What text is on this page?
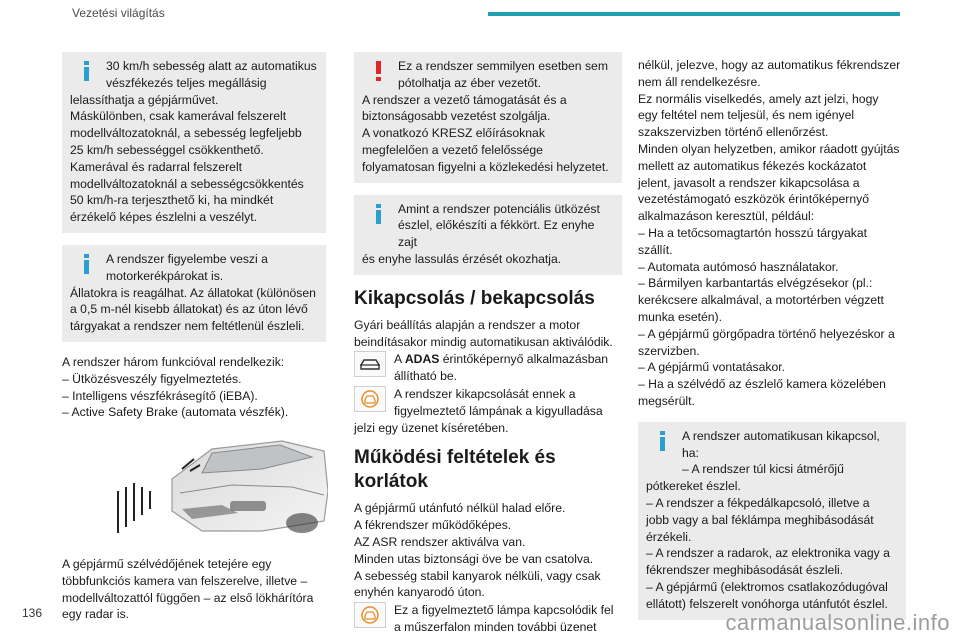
Vezetési világítás

30 km/h sebesség alatt az automatikus

vészfékezés teljes megállásig

lelassíthatja a gépjárművet.

Máskülönben, csak kamerával felszerelt

modellváltozatoknál, a sebesség legfeljebb

25 km/h sebességgel csökkenthető.

Kamerával és radarral felszerelt

modellváltozatoknál a sebességcsökkentés

50 km/h-ra terjeszthető ki, ha mindkét

érzékelő képes észlelni a veszélyt.

A rendszer figyelembe veszi a

motorkerékpárokat is.

Állatokra is reagálhat. Az állatokat (különösen

a 0,5 m-nél kisebb állatokat) és az úton lévő

tárgyakat a rendszer nem feltétlenül észleli.

A rendszer három funkcióval rendelkezik:

– Ütközésveszély figyelmeztetés.

– Intelligens vészfékrásegítő (iEBA).

– Active Safety Brake (automata vészfék).

A gépjármű szélvédőjének tetejére egy

többfunkciós kamera van felszerelve, illetve –

modellváltozattól függően – az első lökhárítóra

egy radar is.

Ez a rendszer semmilyen esetben sem

pótolhatja az éber vezetőt.

A rendszer a vezető támogatását és a

biztonságosabb vezetést szolgálja.

A vonatkozó KRESZ előírásoknak

megfelelően a vezető felelőssége

folyamatosan figyelni a közlekedési helyzetet.

Amint a rendszer potenciális ütközést

észlel, előkészíti a fékkört. Ez enyhe zajt

és enyhe lassulás érzését okozhatja.

Kikapcsolás / bekapcsolás

Gyári beállítás alapján a rendszer a motor

beindításakor mindig automatikusan aktiválódik.

A ADAS érintőképernyő alkalmazásban

állítható be.

A rendszer kikapcsolását ennek a

figyelmeztető lámpának a kigyulladása

jelzi egy üzenet kíséretében.

Működési feltételek és
korlátok

A gépjármű utánfutó nélkül halad előre.

A fékrendszer működőképes.

AZ ASR rendszer aktiválva van.

Minden utas biztonsági öve be van csatolva.

A sebesség stabil kanyarok nélküli, vagy csak

enyhén kanyarodó úton.

Ez a figyelmeztető lámpa kapcsolódik fel

a műszerfalon minden további üzenet

nélkül, jelezve, hogy az automatikus fékrendszer

nem áll rendelkezésre.

Ez normális viselkedés, amely azt jelzi, hogy

egy feltétel nem teljesül, és nem igényel

szakszervizben történő ellenőrzést.

Minden olyan helyzetben, amikor ráadott gyújtás

mellett az automatikus fékezés kockázatot

jelent, javasolt a rendszer kikapcsolása a

vezetéstámogató eszközök érintőképernyő

alkalmazáson keresztül, például:

– Ha a tetőcsomagtartón hosszú tárgyakat

szállít.

– Automata autómosó használatakor.

– Bármilyen karbantartás elvégzésekor (pl.:

kerékcsere alkalmával, a motortérben végzett

munka esetén).

– A gépjármű görgőpadra történő helyezéskor a

szervizben.

– A gépjármű vontatásakor.

– Ha a szélvédő az észlelő kamera közelében

megsérült.

A rendszer automatikusan kikapcsol, ha:

– A rendszer túl kicsi átmérőjű

pótkereket észlel.

– A rendszer a fékpedálkapcsoló, illetve a

jobb vagy a bal féklámpa meghibásodását

érzékeli.

– A rendszer a radarok, az elektronika vagy a

fékrendszer meghibásodását észleli.

– A gépjármű (elektromos csatlakozódugóval

ellátott) felszerelt vonóhorga utánfutót észlel.

136	carmanualsonline.info
